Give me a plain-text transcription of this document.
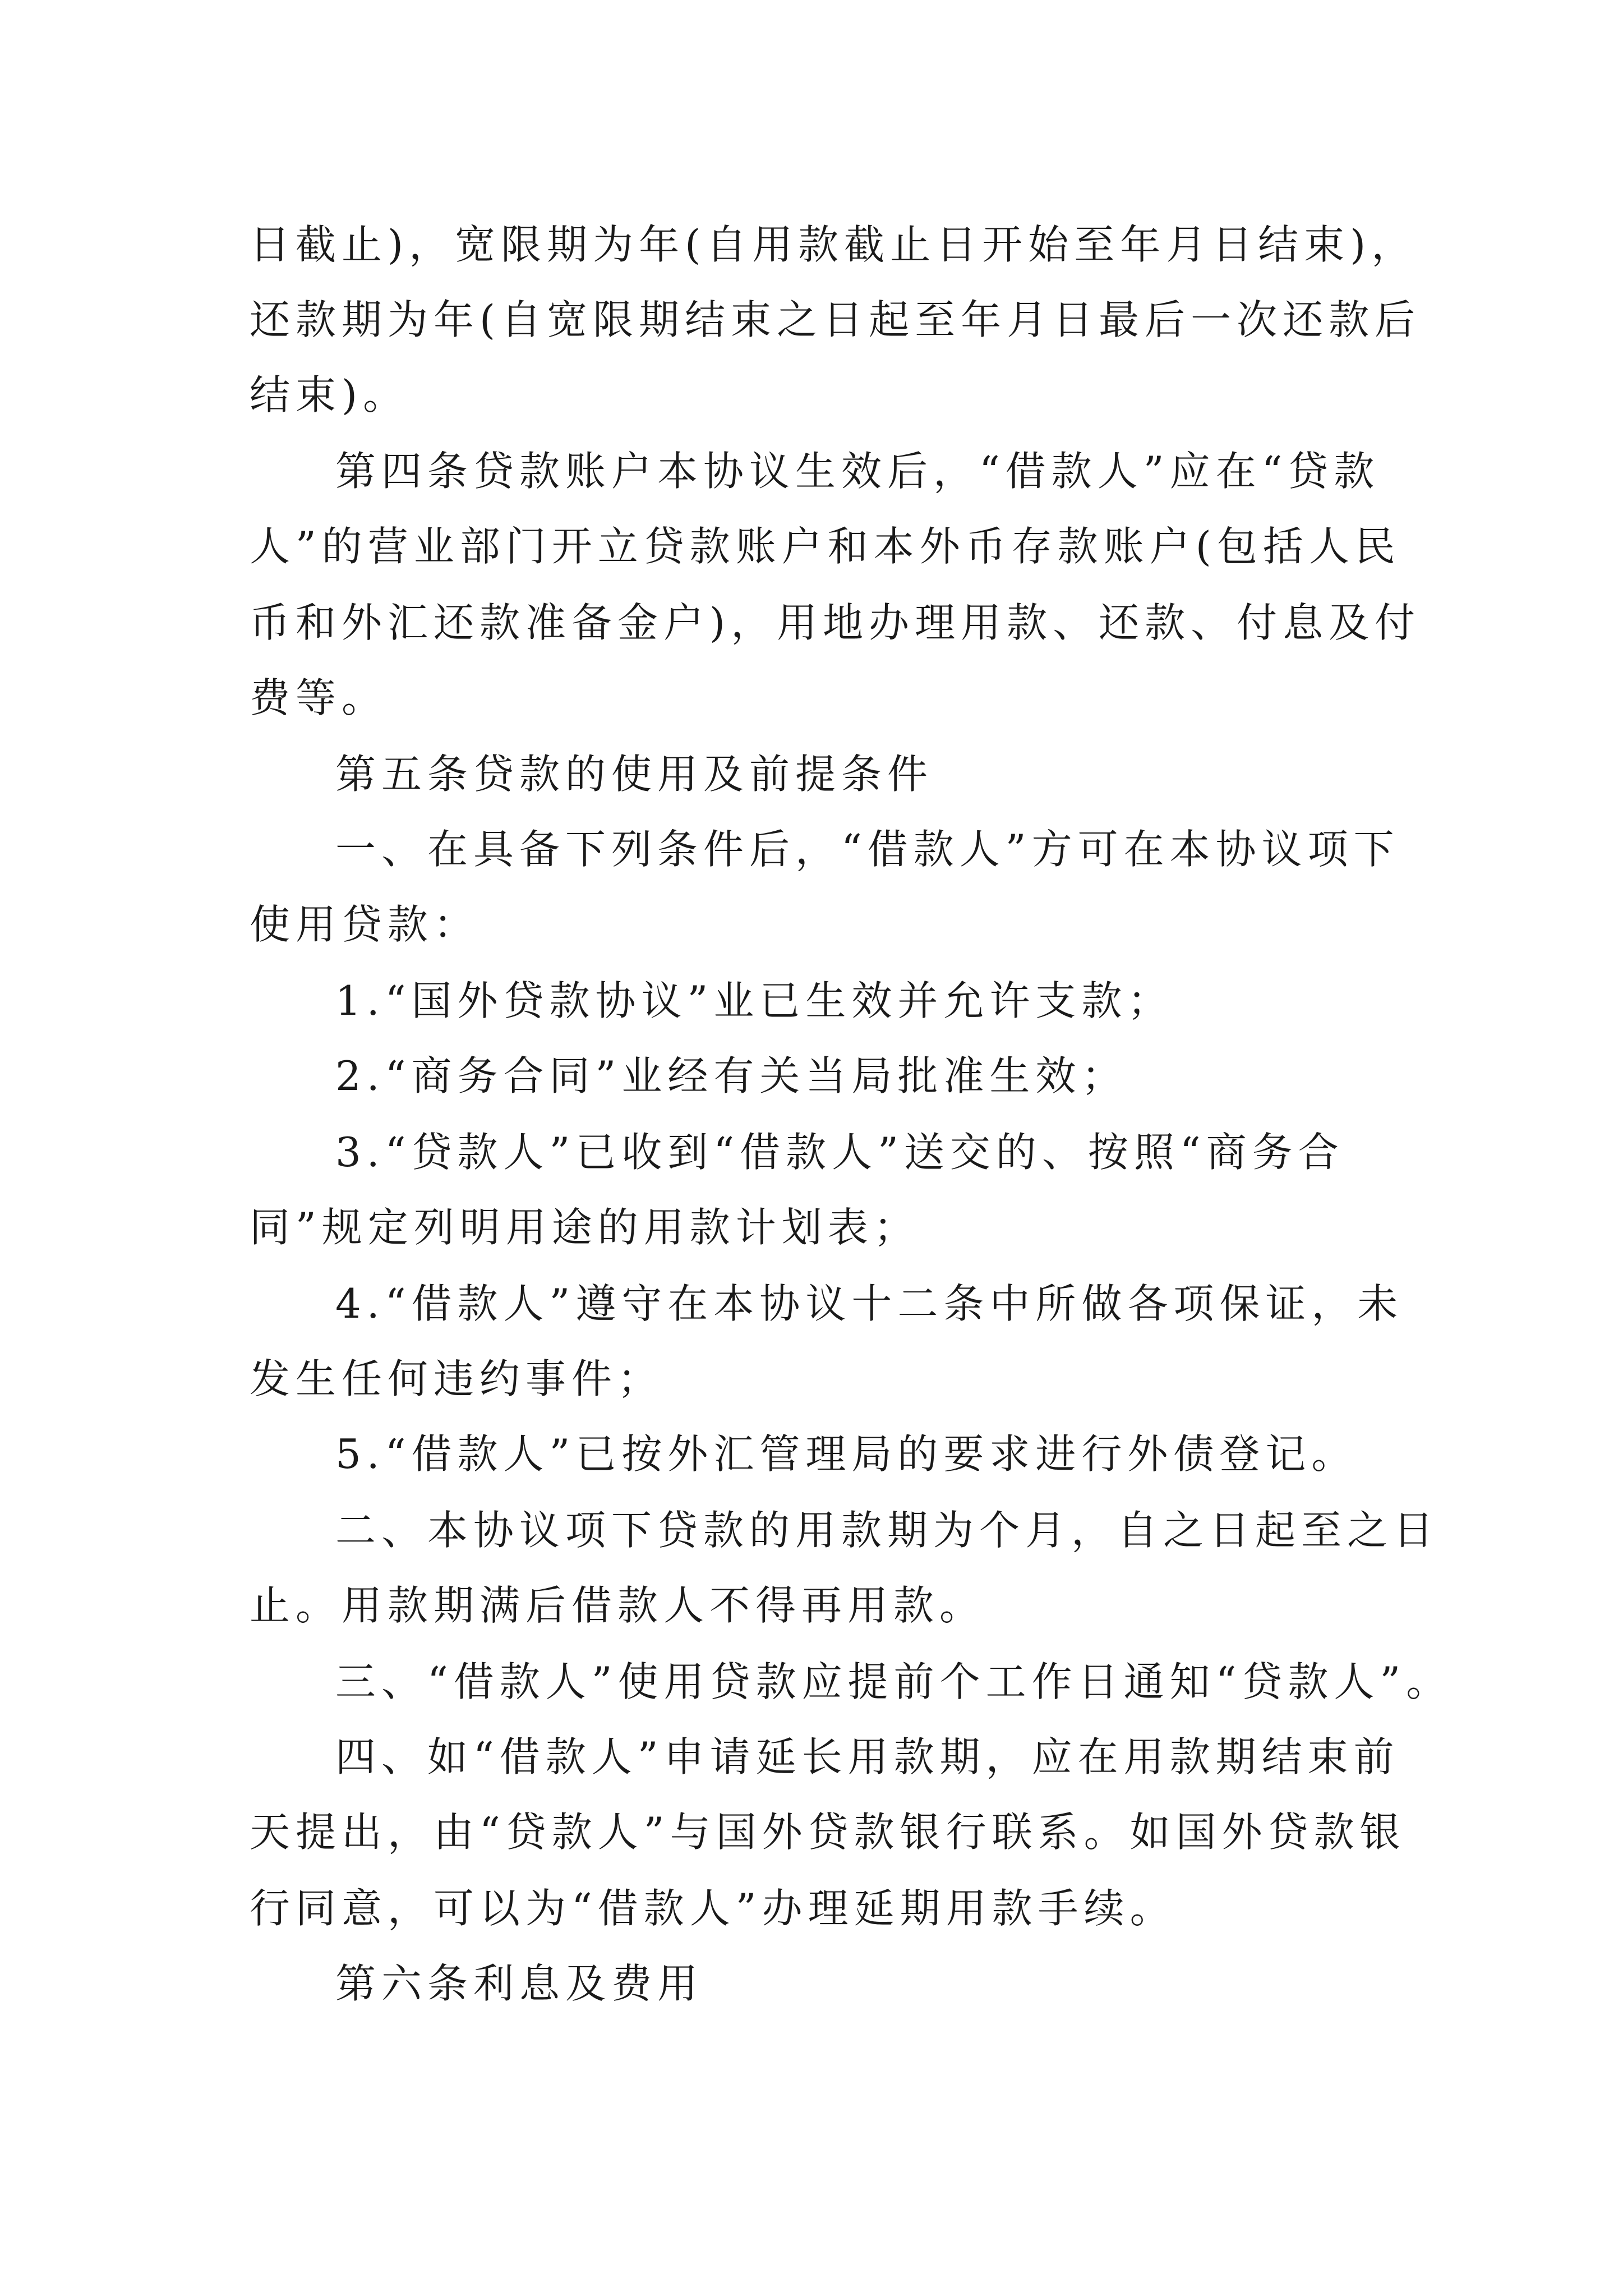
日截止)，宽限期为年(自用款截止日开始至年月日结束)，
还款期为年(自宽限期结束之日起至年月日最后一次还款后
结束)。
第四条贷款账户本协议生效后，“借款人”应在“贷款
人”的营业部门开立贷款账户和本外币存款账户(包括人民
币和外汇还款准备金户)，用地办理用款、还款、付息及付
费等。
第五条贷款的使用及前提条件
一、在具备下列条件后，“借款人”方可在本协议项下
使用贷款：
1.“国外贷款协议”业已生效并允许支款；
2.“商务合同”业经有关当局批准生效；
3.“贷款人”已收到“借款人”送交的、按照“商务合
同”规定列明用途的用款计划表；
4.“借款人”遵守在本协议十二条中所做各项保证，未
发生任何违约事件；
5.“借款人”已按外汇管理局的要求进行外债登记。
二、本协议项下贷款的用款期为个月，自之日起至之日
止。用款期满后借款人不得再用款。
三、“借款人”使用贷款应提前个工作日通知“贷款人”。
四、如“借款人”申请延长用款期，应在用款期结束前
天提出，由“贷款人”与国外贷款银行联系。如国外贷款银
行同意，可以为“借款人”办理延期用款手续。
第六条利息及费用
